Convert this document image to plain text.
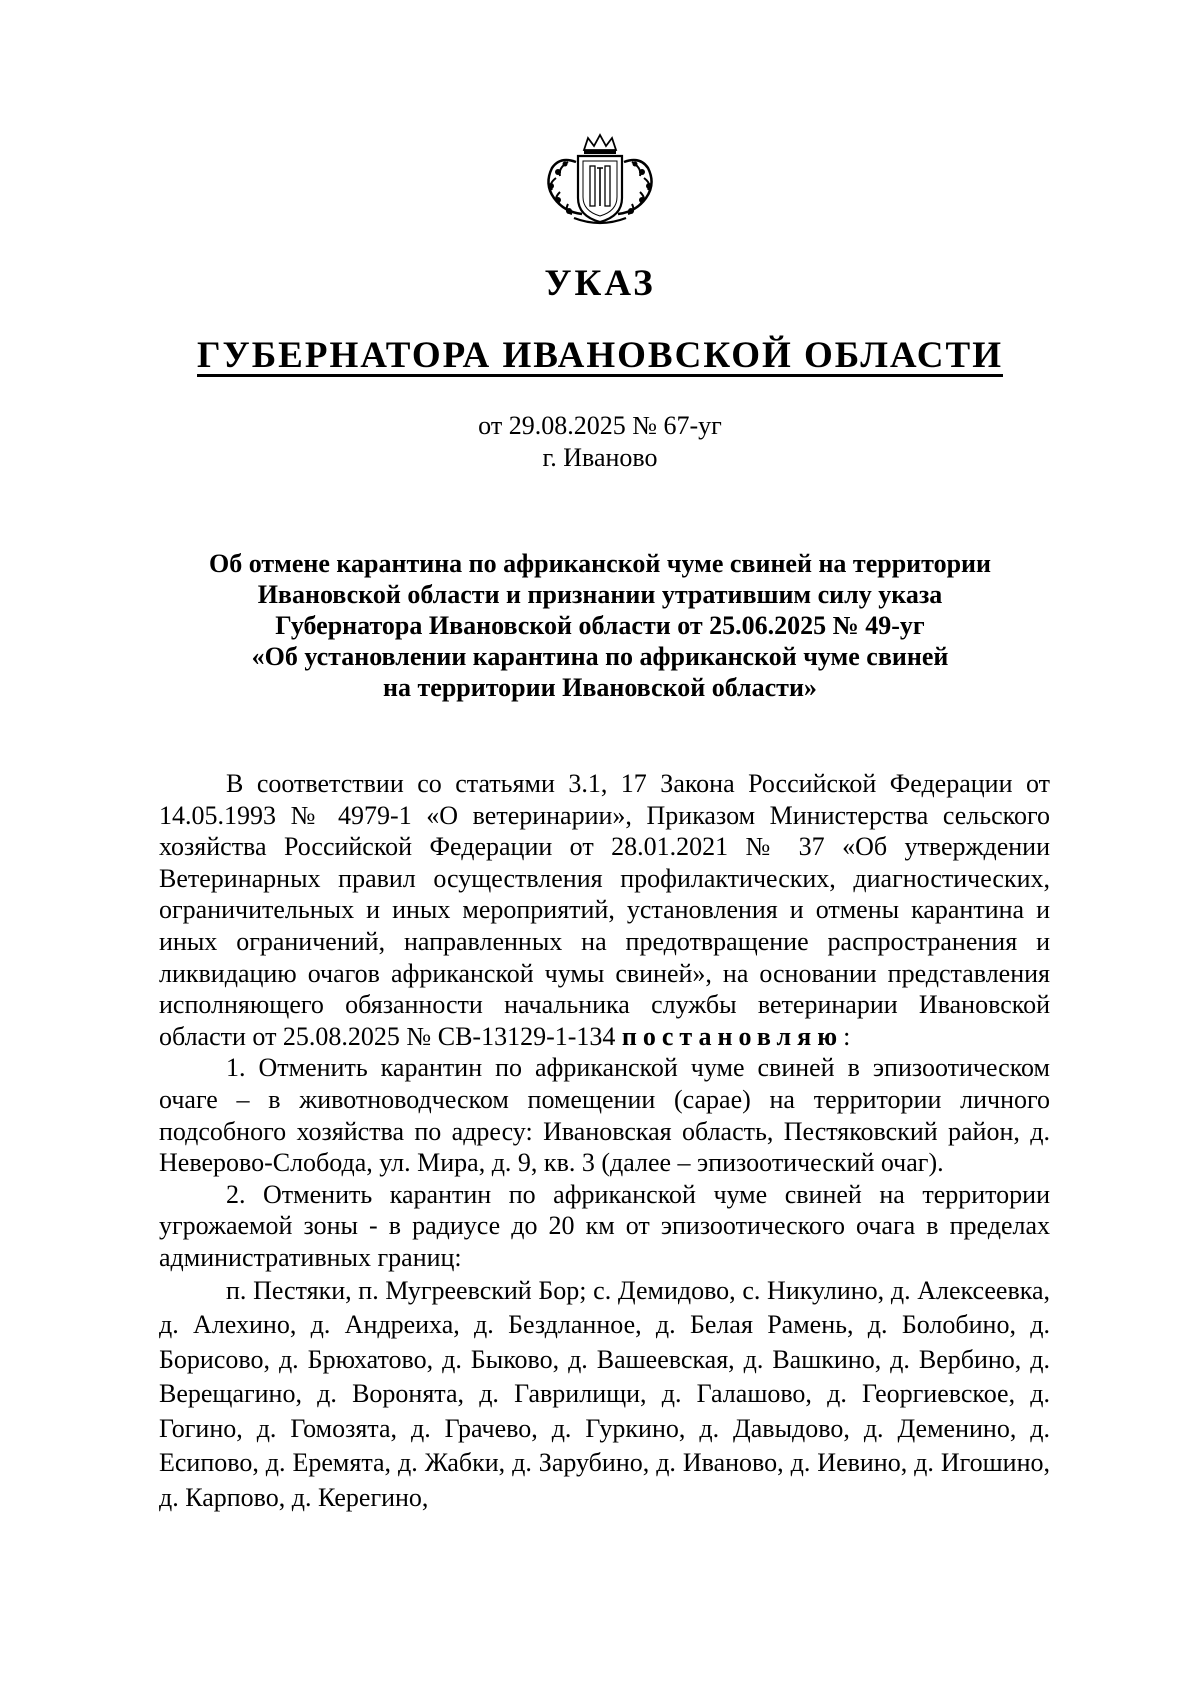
УКАЗ
ГУБЕРНАТОРА ИВАНОВСКОЙ ОБЛАСТИ
от 29.08.2025 № 67-уг
г. Иваново
Об отмене карантина по африканской чуме свиней на территории
Ивановской области и признании утратившим силу указа
Губернатора Ивановской области от 25.06.2025 № 49-уг
«Об установлении карантина по африканской чуме свиней
на территории Ивановской области»

В соответствии со статьями 3.1, 17 Закона Российской Федерации от 14.05.1993 № 4979-1 «О ветеринарии», Приказом Министерства сельского хозяйства Российской Федерации от 28.01.2021 № 37 «Об утверждении Ветеринарных правил осуществления профилактических, диагностических, ограничительных и иных мероприятий, установления и отмены карантина и иных ограничений, направленных на предотвращение распространения и ликвидацию очагов африканской чумы свиней», на основании представления исполняющего обязанности начальника службы ветеринарии Ивановской области от 25.08.2025 № СВ-13129-1-134 постановляю:

1. Отменить карантин по африканской чуме свиней в эпизоотическом очаге – в животноводческом помещении (сарае) на территории личного подсобного хозяйства по адресу: Ивановская область, Пестяковский район, д. Неверово-Слобода, ул. Мира, д. 9, кв. 3 (далее – эпизоотический очаг).

2. Отменить карантин по африканской чуме свиней на территории угрожаемой зоны - в радиусе до 20 км от эпизоотического очага в пределах административных границ:

п. Пестяки, п. Мугреевский Бор; с. Демидово, с. Никулино, д. Алексеевка, д. Алехино, д. Андреиха, д. Бездланное, д. Белая Рамень, д. Болобино, д. Борисово, д. Брюхатово, д. Быково, д. Вашеевская, д. Вашкино, д. Вербино, д. Верещагино, д. Воронята, д. Гаврилищи, д. Галашово, д. Георгиевское, д. Гогино, д. Гомозята, д. Грачево, д. Гуркино, д. Давыдово, д. Деменино, д. Есипово, д. Еремята, д. Жабки, д. Зарубино, д. Иваново, д. Иевино, д. Игошино, д. Карпово, д. Керегино,
